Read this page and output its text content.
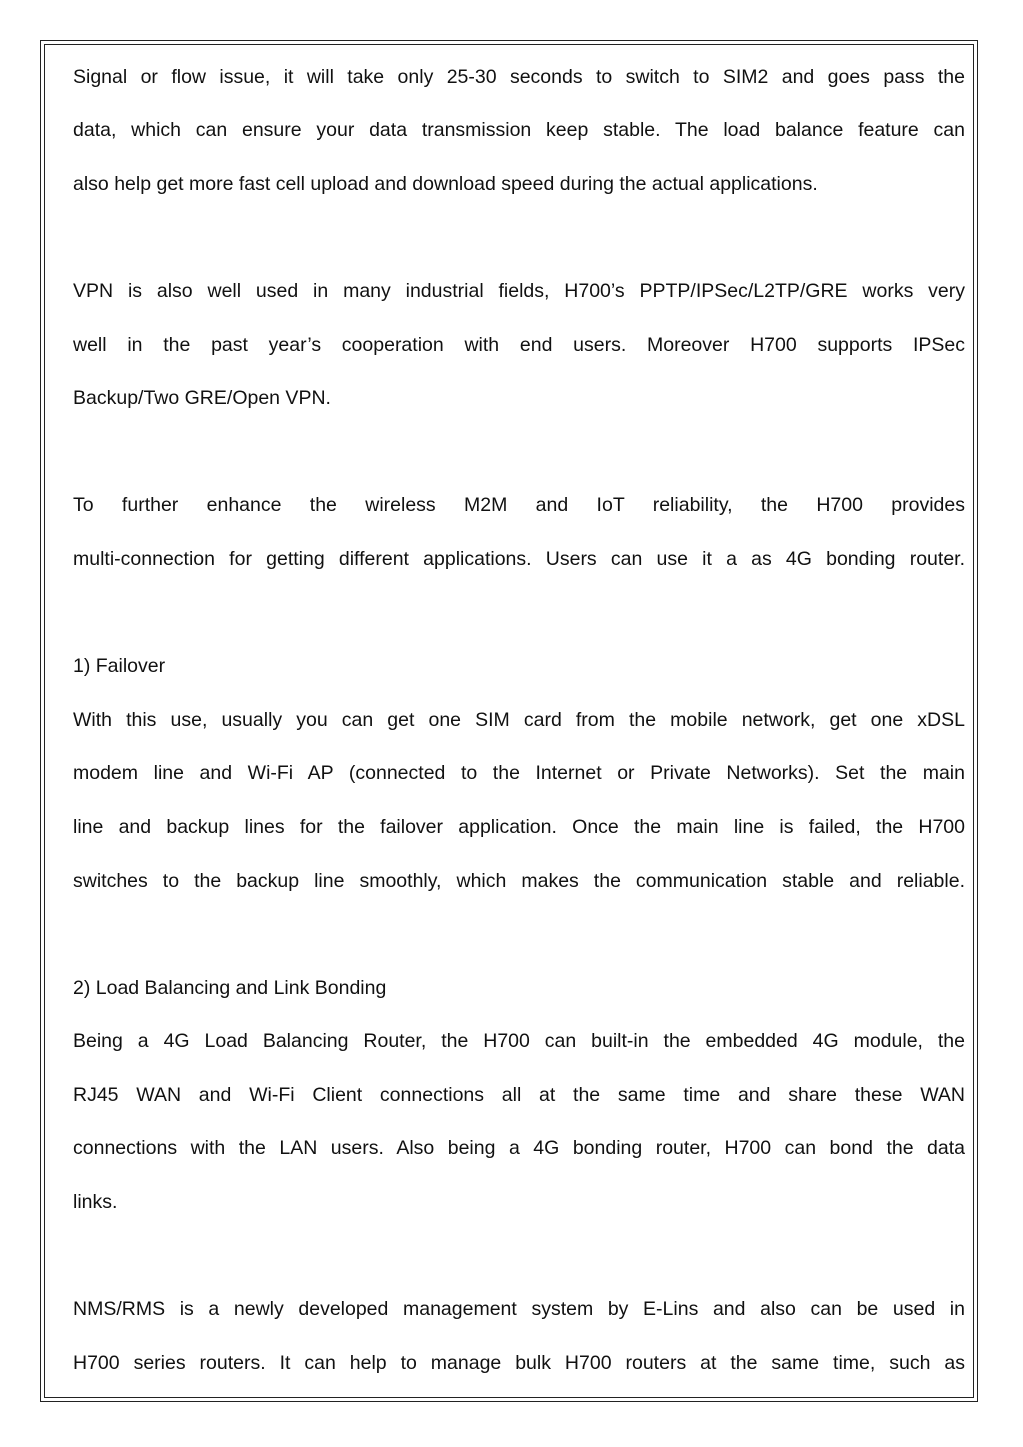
Signal or flow issue, it will take only 25-30 seconds to switch to SIM2 and goes pass the
data, which can ensure your data transmission keep stable. The load balance feature can
also help get more fast cell upload and download speed during the actual applications.
VPN is also well used in many industrial fields, H700’s PPTP/IPSec/L2TP/GRE works very
well in the past year’s cooperation with end users. Moreover H700 supports IPSec
Backup/Two GRE/Open VPN.
To further enhance the wireless M2M and IoT reliability, the H700 provides
multi-connection for getting different applications. Users can use it a as 4G bonding router.
1) Failover
With this use, usually you can get one SIM card from the mobile network, get one xDSL
modem line and Wi-Fi AP (connected to the Internet or Private Networks). Set the main
line and backup lines for the failover application. Once the main line is failed, the H700
switches to the backup line smoothly, which makes the communication stable and reliable.
2) Load Balancing and Link Bonding
Being a 4G Load Balancing Router, the H700 can built-in the embedded 4G module, the
RJ45 WAN and Wi-Fi Client connections all at the same time and share these WAN
connections with the LAN users. Also being a 4G bonding router, H700 can bond the data
links.
NMS/RMS is a newly developed management system by E-Lins and also can be used in
H700 series routers. It can help to manage bulk H700 routers at the same time, such as
